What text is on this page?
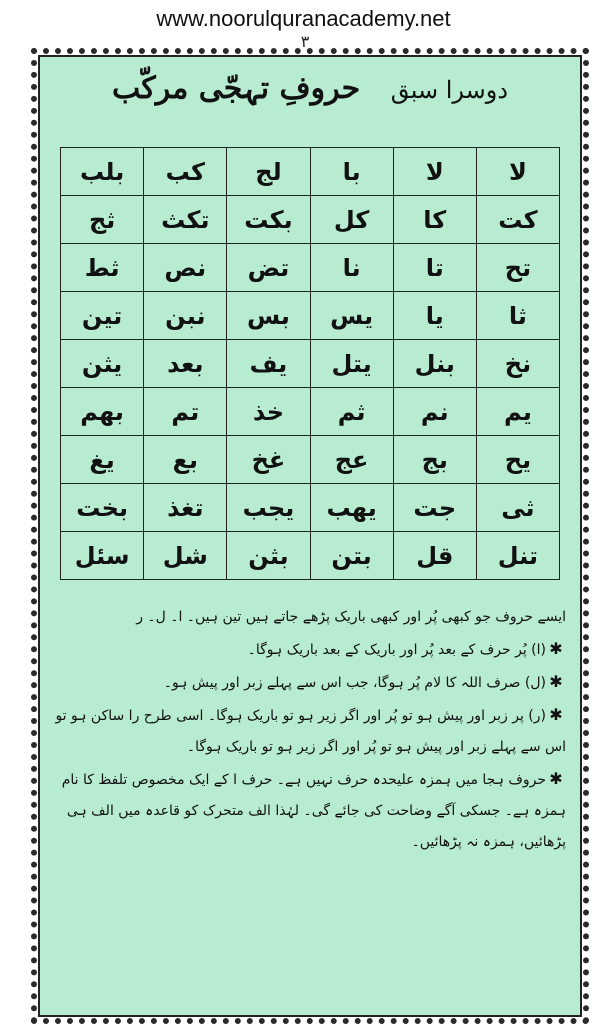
www.noorulquranacademy.net
۳
دوسرا سبق    حروفِ تہجّی مرکّب
لا	لا	با	لج	کب	بلب
کت	کا	کل	بکت	تکث	ثج
تح	تا	نا	تض	نص	ثط
ثا	یا	یس	بس	نبن	تین
نخ	بنل	یتل	یف	بعد	یثن
یم	نم	ثم	خذ	تم	بھم
یح	بج	عج	غخ	بع	یغ
ثی	جت	یھب	یجب	تغذ	بخت
تنل	قل	بتن	بثن	شل	سئل

ایسے حروف جو کبھی پُر اور کبھی باریک پڑھے جاتے ہیں تین ہیں۔ ا۔ ل۔ ر

✱(ا) پُر حرف کے بعد پُر اور باریک کے بعد باریک ہوگا۔

✱(ل) صرف اللہ کا لام پُر ہوگا، جب اس سے پہلے زبر اور پیش ہو۔

✱(ر) پر زبر اور پیش ہو تو پُر اور اگر زیر ہو تو باریک ہوگا۔ اسی طرح را ساکن ہو تو اس سے پہلے زبر اور پیش ہو تو پُر اور اگر زیر ہو تو باریک ہوگا۔

✱حروف ہجا میں ہمزہ علیحدہ حرف نہیں ہے۔ حرف ا کے ایک مخصوص تلفظ کا نام ہمزہ ہے۔ جسکی آگے وضاحت کی جائے گی۔ لہٰذا الف متحرک کو قاعدہ میں الف ہی پڑھائیں، ہمزہ نہ پڑھائیں۔
